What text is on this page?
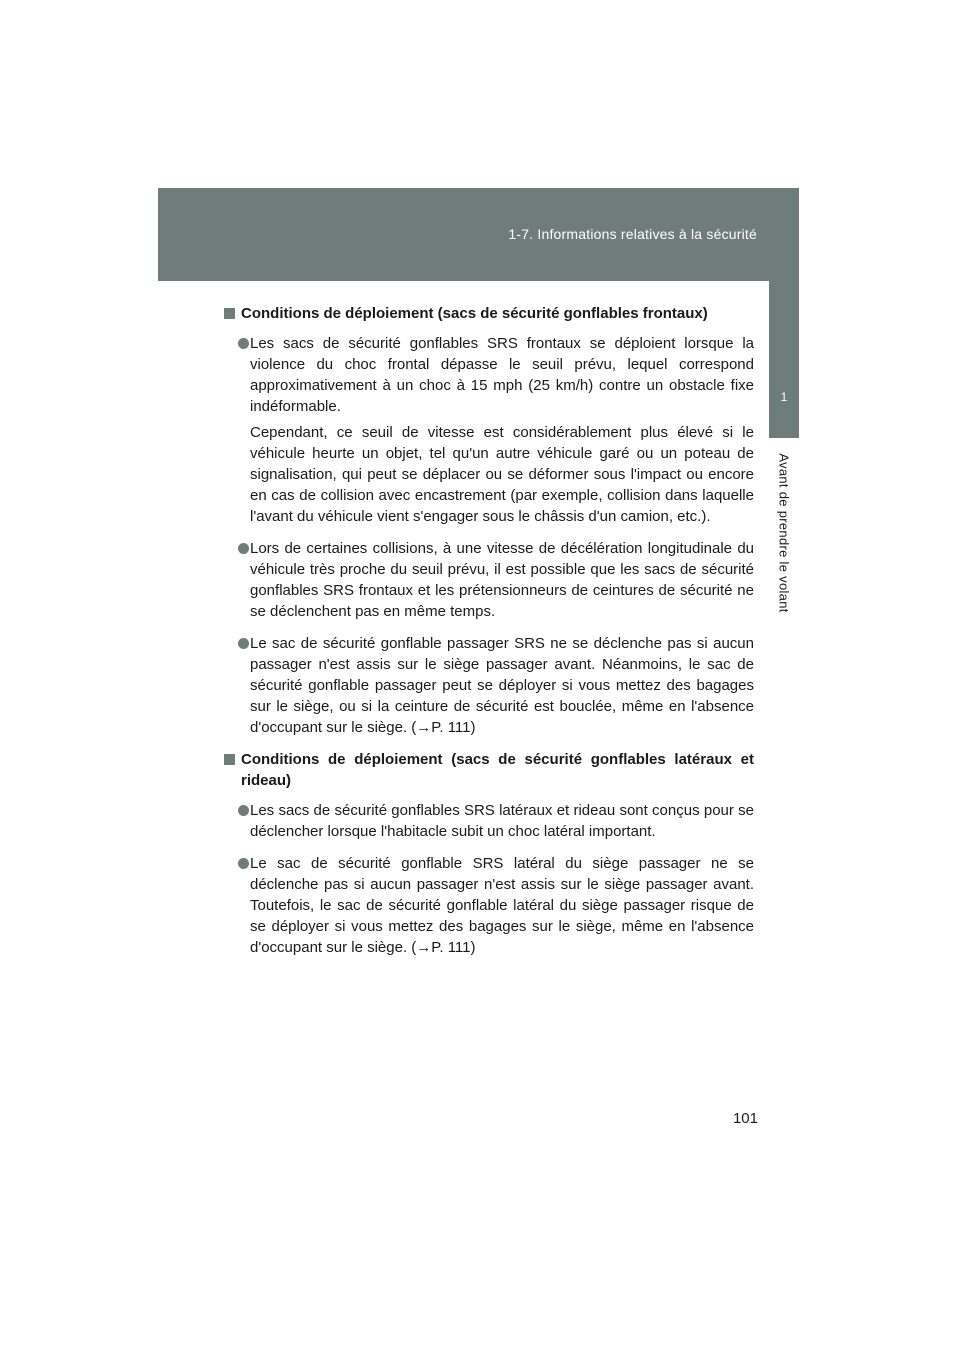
1-7. Informations relatives à la sécurité
1
Avant de prendre le volant
Conditions de déploiement (sacs de sécurité gonflables frontaux)
Les sacs de sécurité gonflables SRS frontaux se déploient lorsque la violence du choc frontal dépasse le seuil prévu, lequel correspond approximativement à un choc à 15 mph (25 km/h) contre un obstacle fixe indéformable.
Cependant, ce seuil de vitesse est considérablement plus élevé si le véhicule heurte un objet, tel qu'un autre véhicule garé ou un poteau de signalisation, qui peut se déplacer ou se déformer sous l'impact ou encore en cas de collision avec encastrement (par exemple, collision dans laquelle l'avant du véhicule vient s'engager sous le châssis d'un camion, etc.).
Lors de certaines collisions, à une vitesse de décélération longitudinale du véhicule très proche du seuil prévu, il est possible que les sacs de sécurité gonflables SRS frontaux et les prétensionneurs de ceintures de sécurité ne se déclenchent pas en même temps.
Le sac de sécurité gonflable passager SRS ne se déclenche pas si aucun passager n'est assis sur le siège passager avant. Néanmoins, le sac de sécurité gonflable passager peut se déployer si vous mettez des bagages sur le siège, ou si la ceinture de sécurité est bouclée, même en l'absence d'occupant sur le siège. (→P. 111)
Conditions de déploiement (sacs de sécurité gonflables latéraux et rideau)
Les sacs de sécurité gonflables SRS latéraux et rideau sont conçus pour se déclencher lorsque l'habitacle subit un choc latéral important.
Le sac de sécurité gonflable SRS latéral du siège passager ne se déclenche pas si aucun passager n'est assis sur le siège passager avant. Toutefois, le sac de sécurité gonflable latéral du siège passager risque de se déployer si vous mettez des bagages sur le siège, même en l'absence d'occupant sur le siège. (→P. 111)
101
